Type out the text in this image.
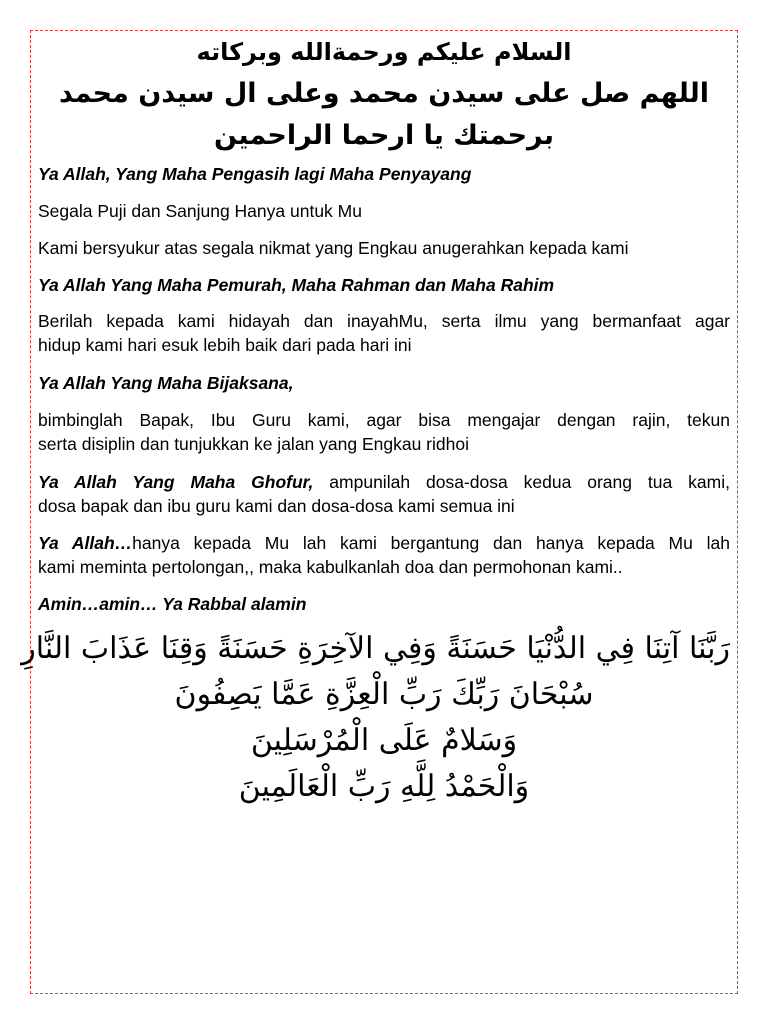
السلام عليكم ورحمةالله وبركاته

اللهم صل على سيدن محمد وعلى ال سيدن محمد

برحمتك يا ارحما الراحمين

Ya Allah, Yang Maha Pengasih lagi Maha Penyayang

Segala Puji dan Sanjung Hanya untuk Mu

Kami bersyukur atas segala nikmat yang Engkau anugerahkan kepada kami

Ya Allah Yang Maha Pemurah, Maha Rahman dan Maha Rahim

Berilah kepada kami hidayah dan inayahMu, serta ilmu yang bermanfaat agar

hidup kami hari esuk lebih baik dari pada hari ini

Ya Allah Yang Maha Bijaksana,

bimbinglah Bapak, Ibu Guru kami, agar bisa mengajar dengan rajin, tekun

serta disiplin dan tunjukkan ke jalan yang Engkau ridhoi

Ya Allah Yang Maha Ghofur, ampunilah dosa-dosa kedua orang tua kami,

dosa bapak dan ibu guru kami dan dosa-dosa kami semua ini

Ya Allah…hanya kepada Mu lah kami bergantung dan hanya kepada Mu lah

kami meminta pertolongan,, maka kabulkanlah doa dan permohonan kami..

Amin…amin… Ya Rabbal alamin

رَبَّنَا آتِنَا فِي الدُّنْيَا حَسَنَةً وَفِي الآخِرَةِ حَسَنَةً وَقِنَا عَذَابَ النَّارِ

سُبْحَانَ رَبِّكَ رَبِّ الْعِزَّةِ عَمَّا يَصِفُونَ

وَسَلامٌ عَلَى الْمُرْسَلِينَ

وَالْحَمْدُ لِلَّهِ رَبِّ الْعَالَمِينَ
